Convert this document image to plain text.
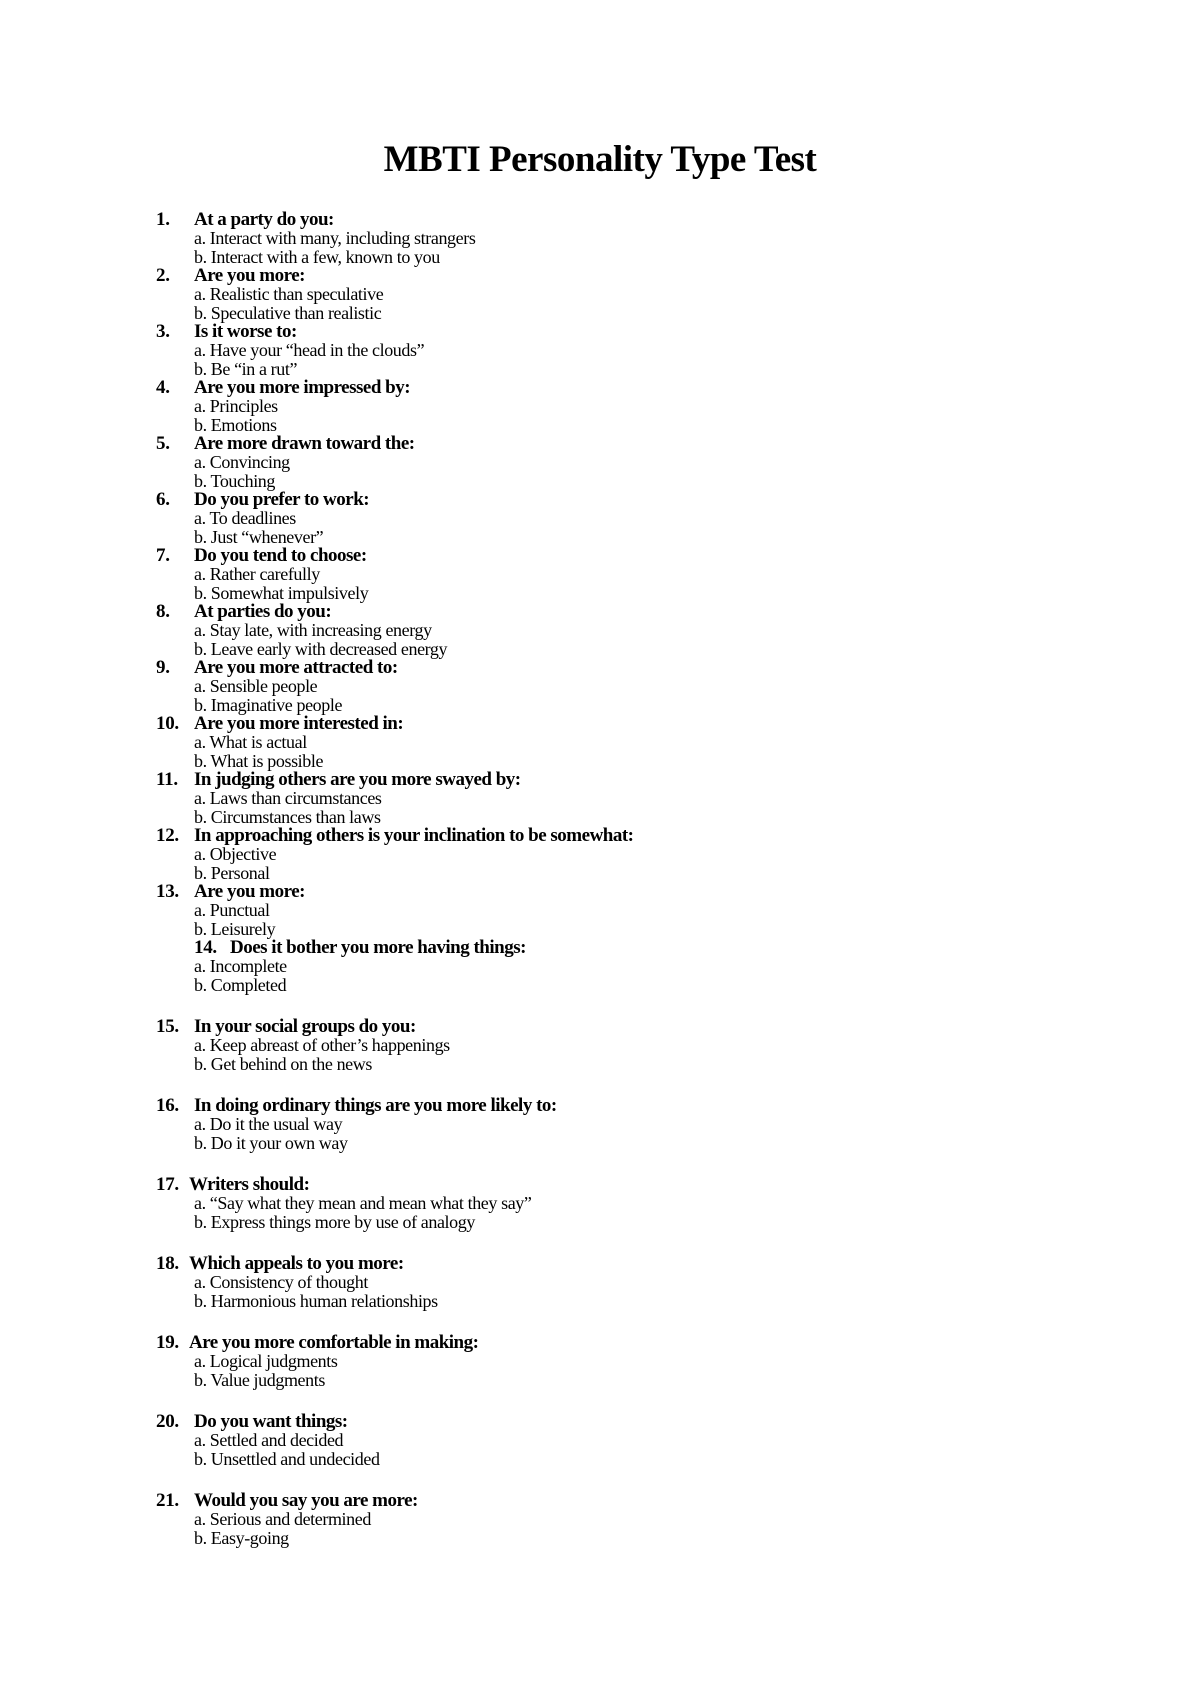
MBTI Personality Type Test
1. At a party do you:
a. Interact with many, including strangers
b. Interact with a few, known to you
2. Are you more:
a. Realistic than speculative
b. Speculative than realistic
3. Is it worse to:
a. Have your “head in the clouds”
b. Be “in a rut”
4. Are you more impressed by:
a. Principles
b. Emotions
5. Are more drawn toward the:
a. Convincing
b. Touching
6. Do you prefer to work:
a. To deadlines
b. Just “whenever”
7. Do you tend to choose:
a. Rather carefully
b. Somewhat impulsively
8. At parties do you:
a. Stay late, with increasing energy
b. Leave early with decreased energy
9. Are you more attracted to:
a. Sensible people
b. Imaginative people
10. Are you more interested in:
a. What is actual
b. What is possible
11. In judging others are you more swayed by:
a. Laws than circumstances
b. Circumstances than laws
12. In approaching others is your inclination to be somewhat:
a. Objective
b. Personal
13. Are you more:
a. Punctual
b. Leisurely
14. Does it bother you more having things:
a. Incomplete
b. Completed
15. In your social groups do you:
a. Keep abreast of other’s happenings
b. Get behind on the news
16. In doing ordinary things are you more likely to:
a. Do it the usual way
b. Do it your own way
17. Writers should:
a. “Say what they mean and mean what they say”
b. Express things more by use of analogy
18. Which appeals to you more:
a. Consistency of thought
b. Harmonious human relationships
19. Are you more comfortable in making:
a. Logical judgments
b. Value judgments
20. Do you want things:
a. Settled and decided
b. Unsettled and undecided
21. Would you say you are more:
a. Serious and determined
b. Easy-going
